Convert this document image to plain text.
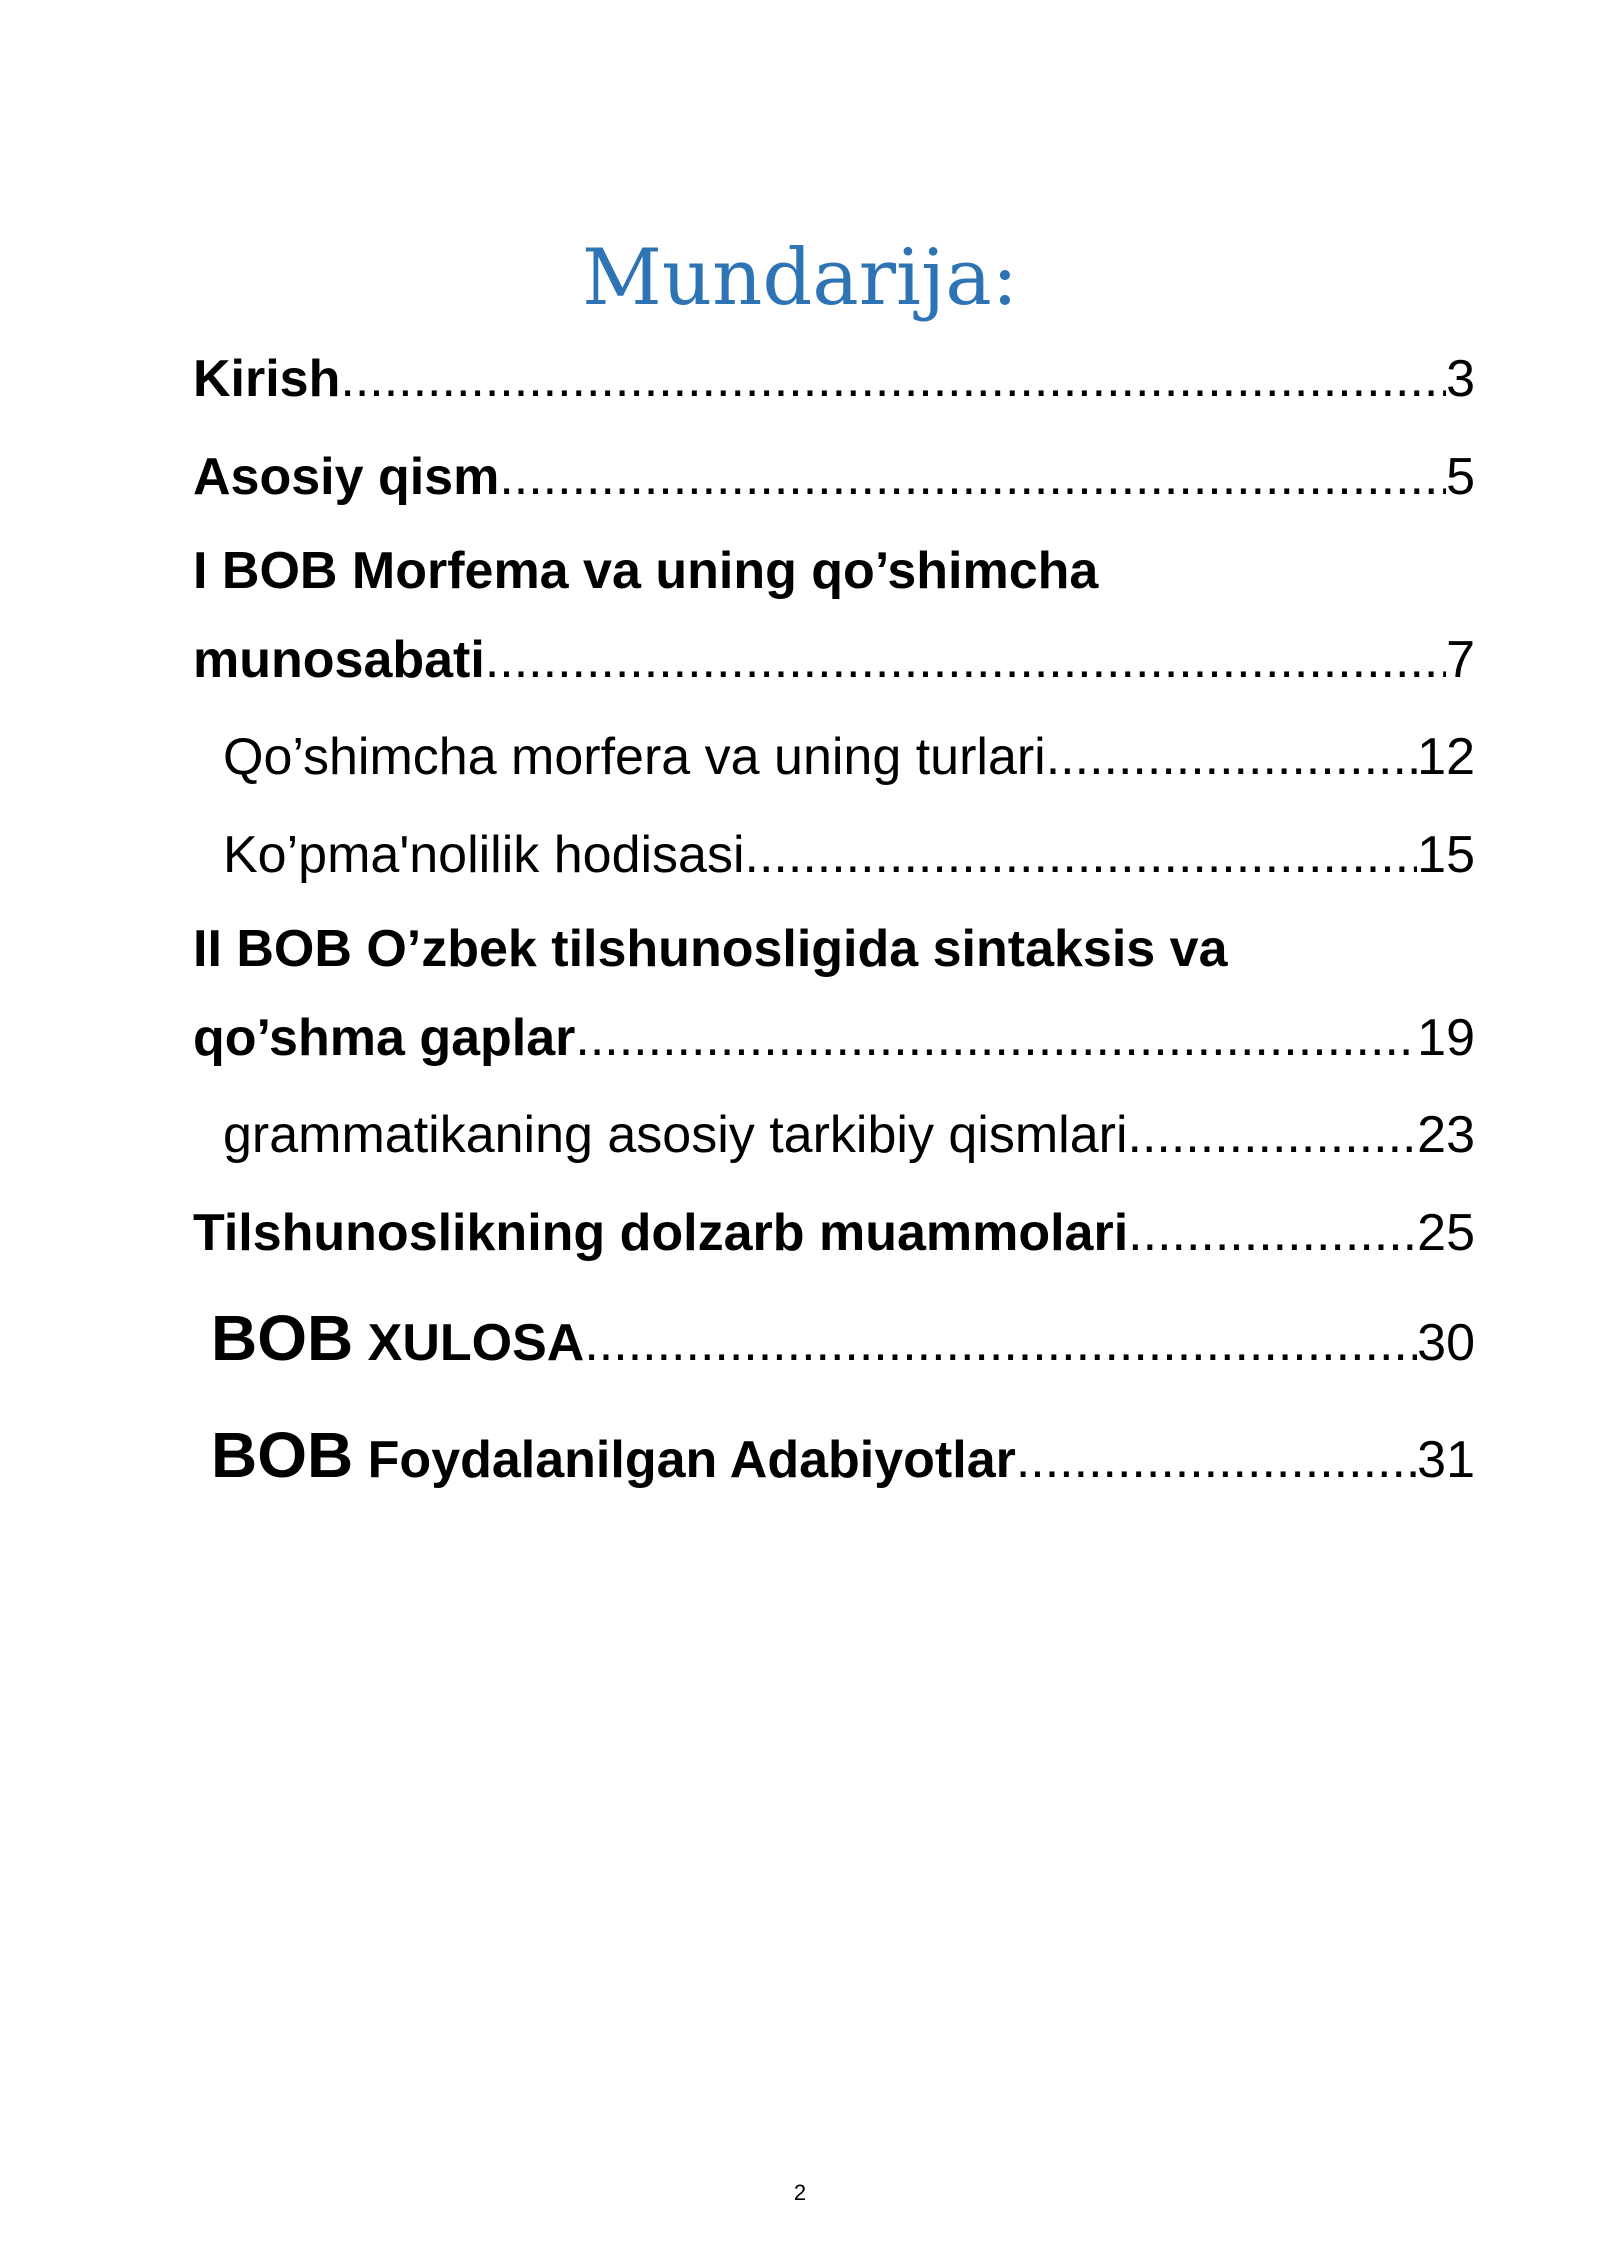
Mundarija:
Kirish .....	3
Asosiy qism .....	5
I BOB Morfema va uning qo’shimcha
munosabati .....	7
Qo’shimcha morfera va uning turlari .....	12
Ko’pma'nolilik hodisasi .....	15
II BOB O’zbek tilshunosligida sintaksis va
qo’shma gaplar .....	19
grammatikaning asosiy tarkibiy qismlari .....	23
Tilshunoslikning dolzarb muammolari .....	25
BOB XULOSA .....	30
BOB Foydalanilgan Adabiyotlar .....	31
2
